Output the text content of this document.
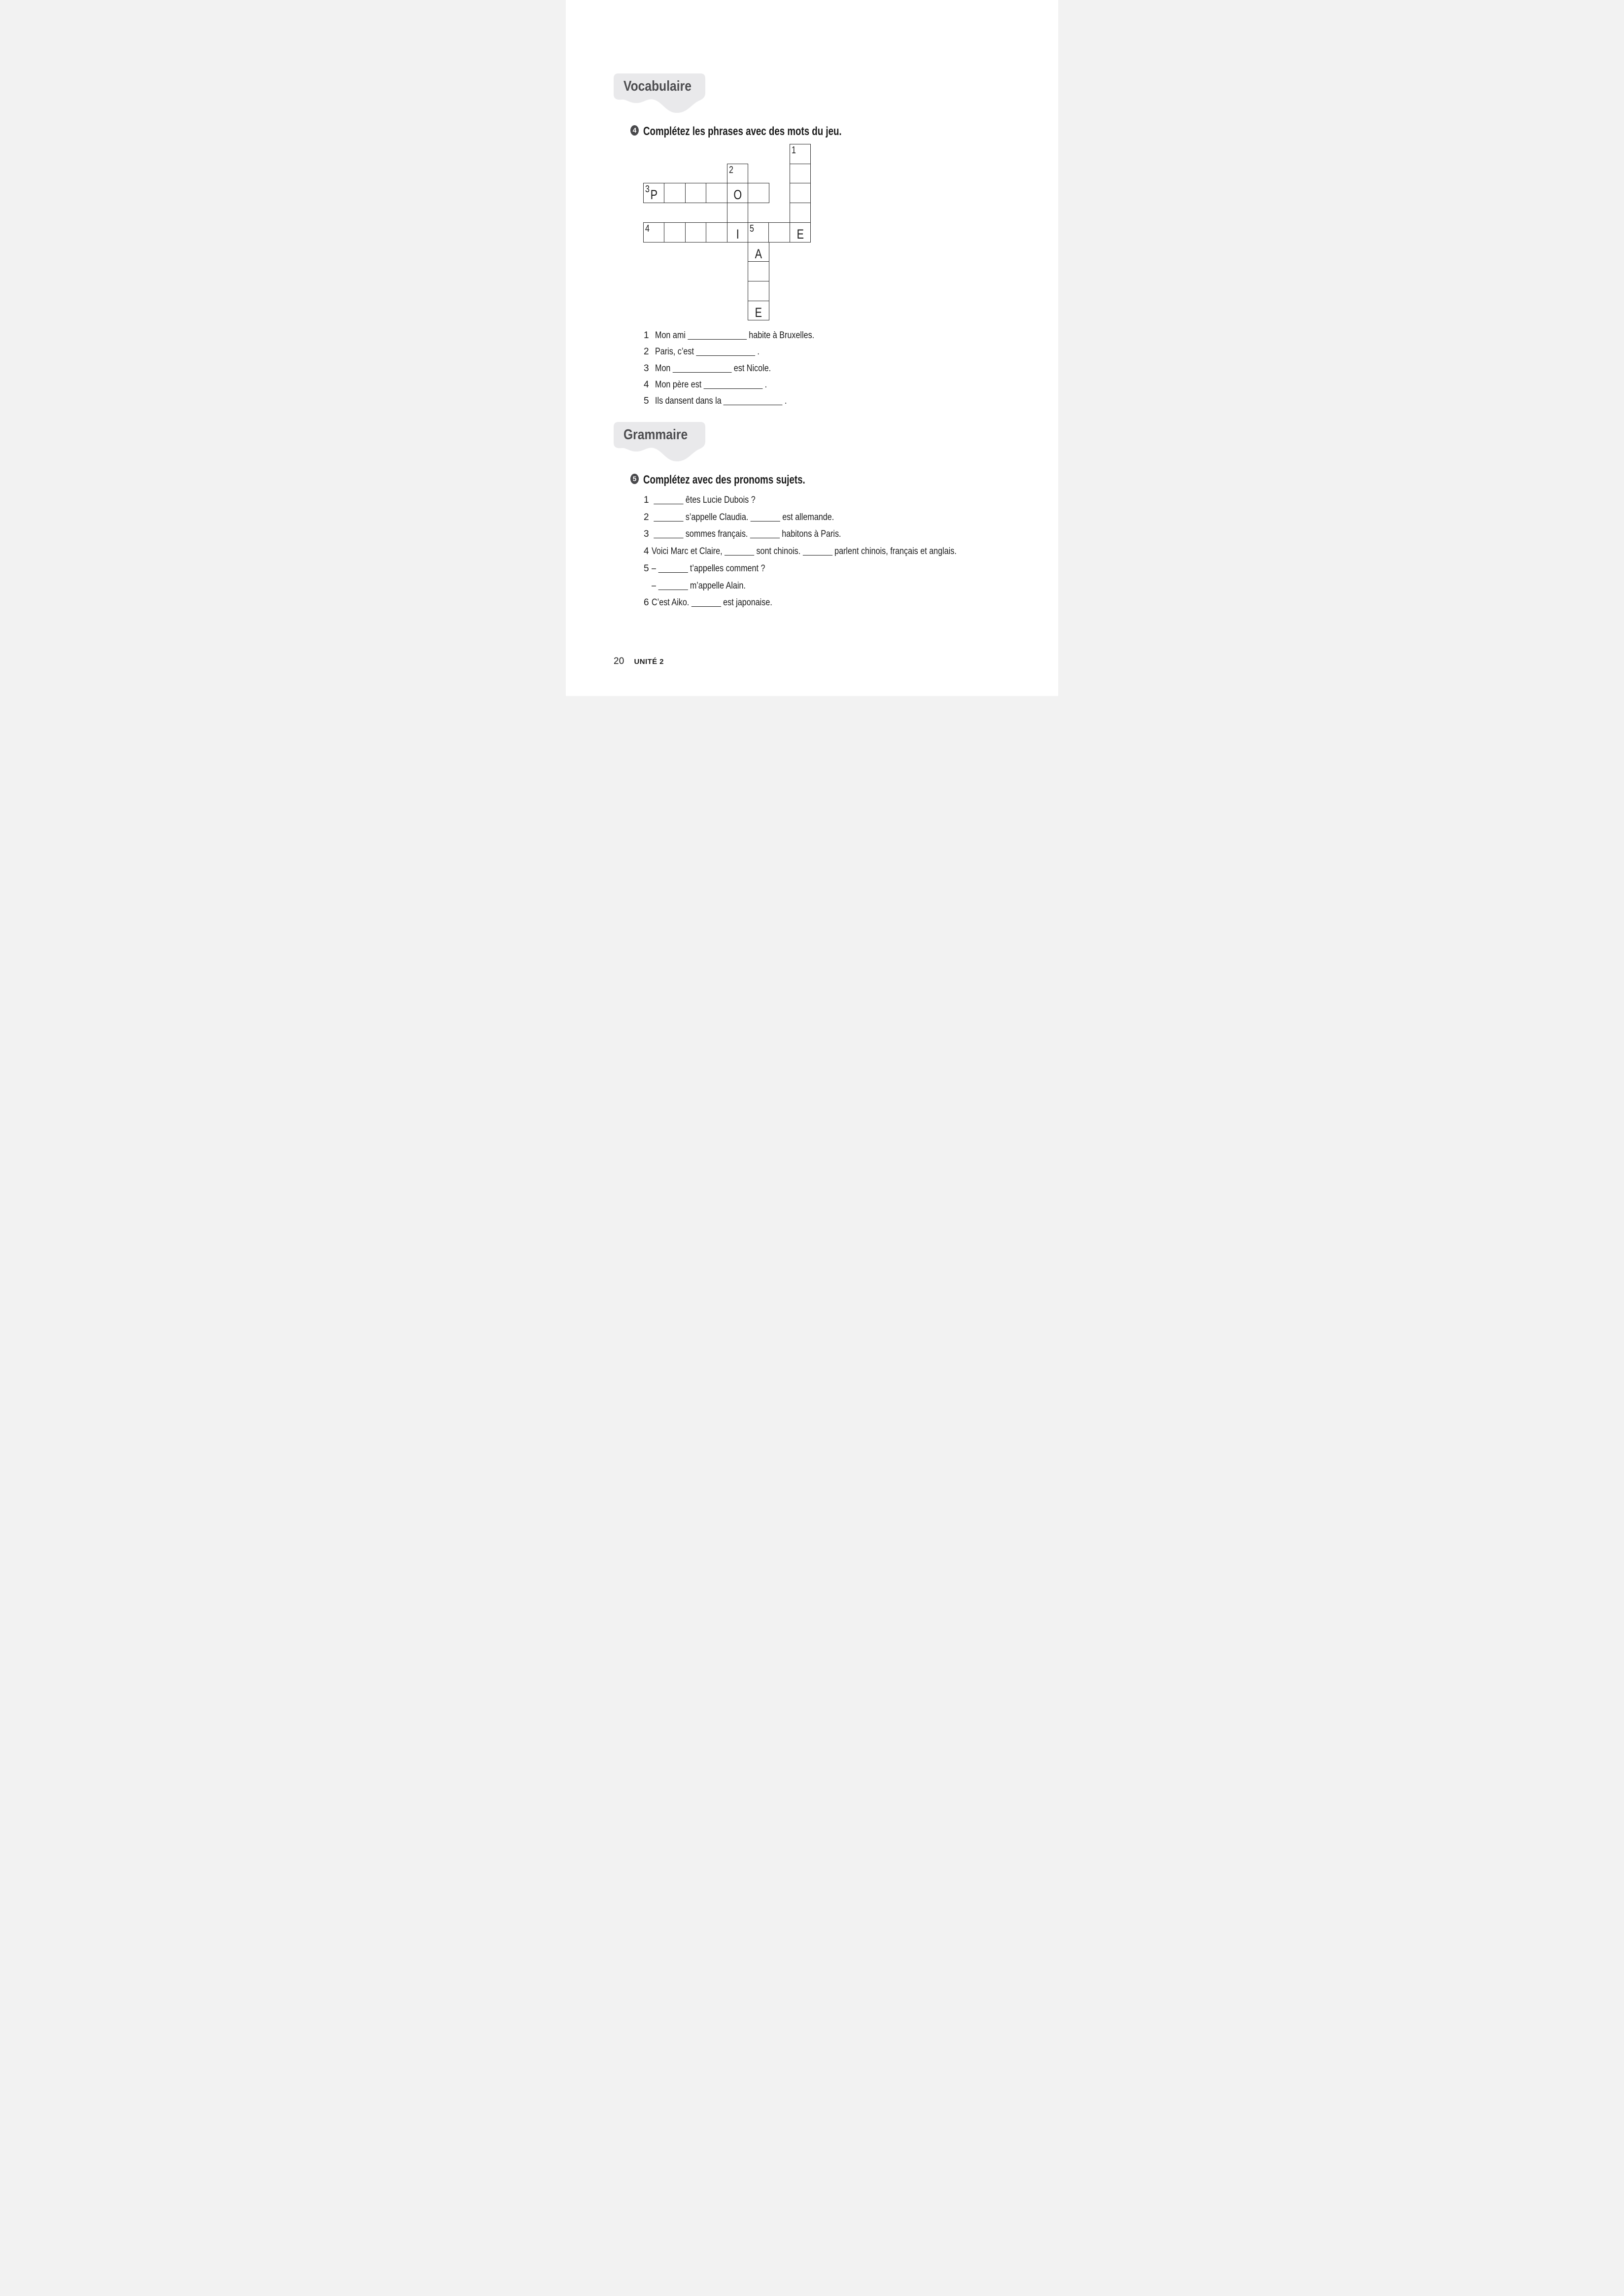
Vocabulaire
4 Complétez les phrases avec des mots du jeu.
1
2
3 P	O
4	I	5	E
A
E
1 Mon ami	habite à Bruxelles.
2 Paris, c’est	.
3 Mon	est Nicole.
4 Mon père est	.
5 Ils dansent dans la	.
Grammaire
5 Complétez avec des pronoms sujets.
1	êtes Lucie Dubois ?
2	s’appelle Claudia.	est allemande.
3	sommes français.	habitons à Paris.
4 Voici Marc et Claire,	sont chinois.	parlent chinois, français et anglais.
5 –	t’appelles comment ?
–	m’appelle Alain.
6 C’est Aiko.	est japonaise.
20 UNITÉ 2
